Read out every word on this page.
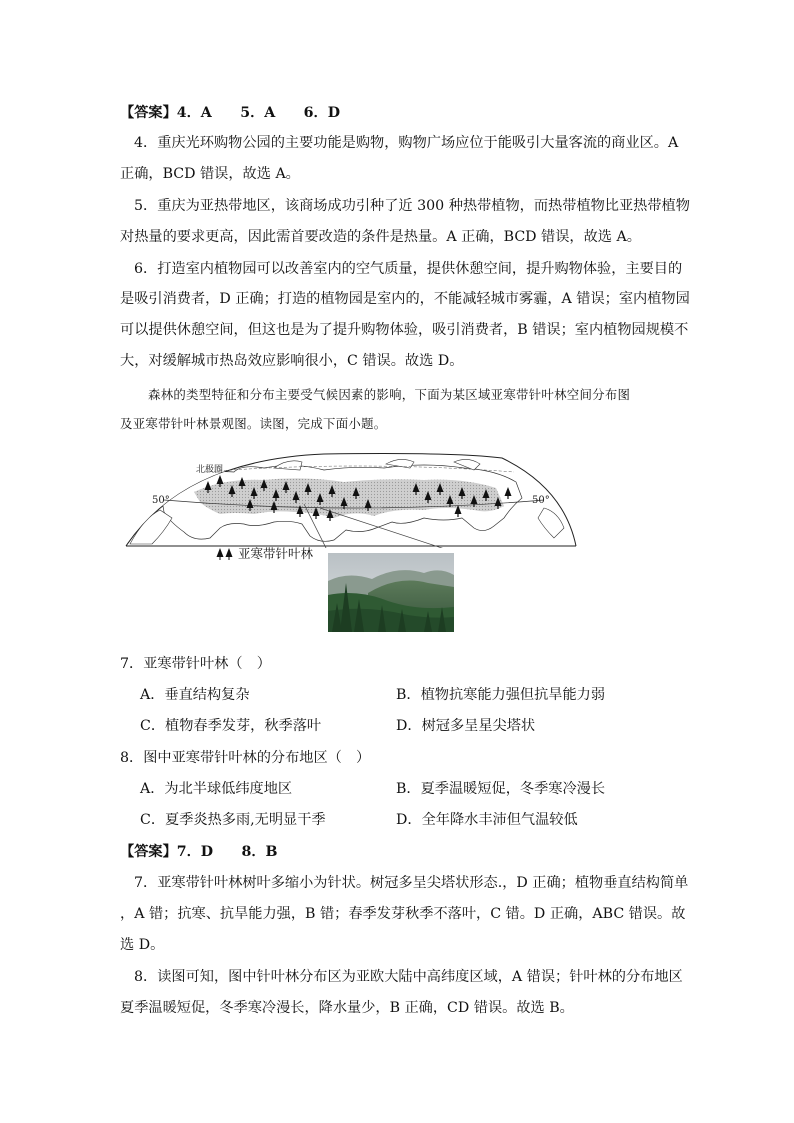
【答案】4．A　　5．A　　6．D
4．重庆光环购物公园的主要功能是购物，购物广场应位于能吸引大量客流的商业区。A
正确，BCD 错误，故选 A。
5．重庆为亚热带地区，该商场成功引种了近 300 种热带植物，而热带植物比亚热带植物
对热量的要求更高，因此需首要改造的条件是热量。A 正确，BCD 错误，故选 A。
6．打造室内植物园可以改善室内的空气质量，提供休憩空间，提升购物体验，主要目的
是吸引消费者，D 正确；打造的植物园是室内的，不能减轻城市雾霾，A 错误；室内植物园
可以提供休憩空间，但这也是为了提升购物体验，吸引消费者，B 错误；室内植物园规模不
大，对缓解城市热岛效应影响很小，C 错误。故选 D。
森林的类型特征和分布主要受气候因素的影响，下面为某区域亚寒带针叶林空间分布图
及亚寒带针叶林景观图。读图，完成下面小题。
北极圈
50°	50°
亚寒带针叶林
7．亚寒带针叶林（　）
A．垂直结构复杂	B．植物抗寒能力强但抗旱能力弱
C．植物春季发芽，秋季落叶	D．树冠多呈星尖塔状
8．图中亚寒带针叶林的分布地区（　）
A．为北半球低纬度地区	B．夏季温暖短促，冬季寒冷漫长
C．夏季炎热多雨,无明显干季	D．全年降水丰沛但气温较低
【答案】7．D　　8．B
7．亚寒带针叶林树叶多缩小为针状。树冠多呈尖塔状形态.，D 正确；植物垂直结构简单
，A 错；抗寒、抗旱能力强，B 错；春季发芽秋季不落叶，C 错。D 正确，ABC 错误。故
选 D。
8．读图可知，图中针叶林分布区为亚欧大陆中高纬度区域，A 错误；针叶林的分布地区
夏季温暖短促，冬季寒冷漫长，降水量少，B 正确，CD 错误。故选 B。
